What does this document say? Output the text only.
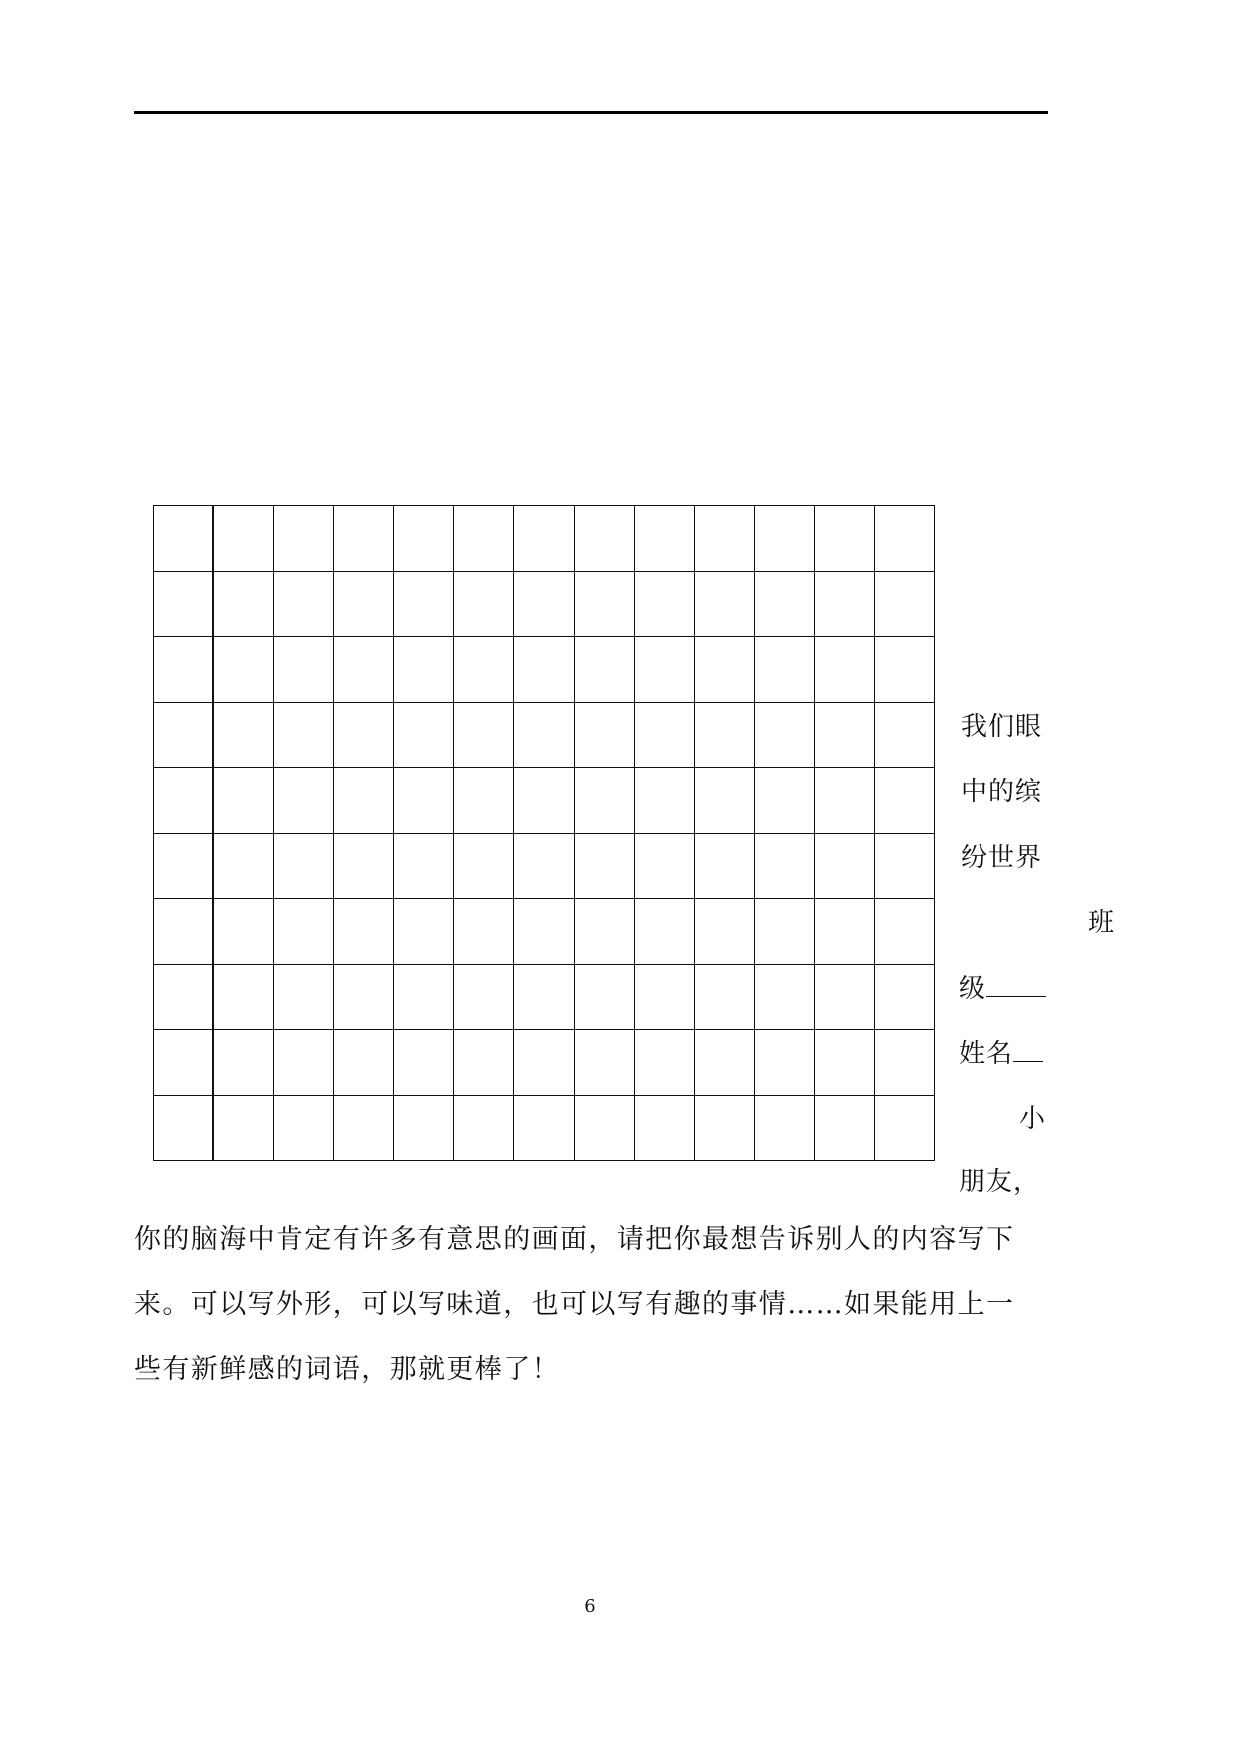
我们眼
中的缤
纷世界
班
级
姓名
小
朋友，

你的脑海中肯定有许多有意思的画面，请把你最想告诉别人的内容写下

来。可以写外形，可以写味道，也可以写有趣的事情……如果能用上一

些有新鲜感的词语，那就更棒了！

6
